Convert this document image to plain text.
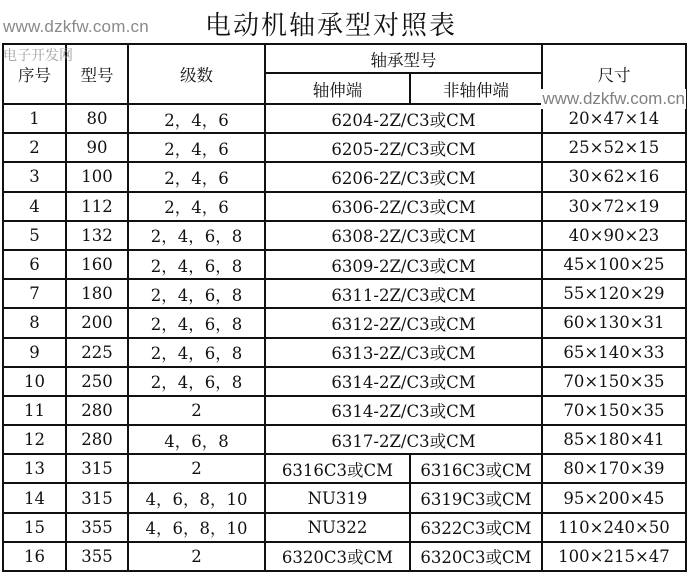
www.dzkfw.com.cn 电动机轴承型对照表
电子开发网
www.dzkfw.com.cn
序号	型号	级数	轴承型号		尺寸
			轴伸端	非轴伸端	
1	80	2，4，6	6204-2Z/C3或CM		20×47×14
2	90	2，4，6	6205-2Z/C3或CM		25×52×15
3	100	2，4，6	6206-2Z/C3或CM		30×62×16
4	112	2，4，6	6306-2Z/C3或CM		30×72×19
5	132	2，4，6，8	6308-2Z/C3或CM		40×90×23
6	160	2，4，6，8	6309-2Z/C3或CM		45×100×25
7	180	2，4，6，8	6311-2Z/C3或CM		55×120×29
8	200	2，4，6，8	6312-2Z/C3或CM		60×130×31
9	225	2，4，6，8	6313-2Z/C3或CM		65×140×33
10	250	2，4，6，8	6314-2Z/C3或CM		70×150×35
11	280	2	6314-2Z/C3或CM		70×150×35
12	280	4，6，8	6317-2Z/C3或CM		85×180×41
13	315	2	6316C3或CM	6316C3或CM	80×170×39
14	315	4，6，8，10	NU319	6319C3或CM	95×200×45
15	355	4，6，8，10	NU322	6322C3或CM	110×240×50
16	355	2	6320C3或CM	6320C3或CM	100×215×47
